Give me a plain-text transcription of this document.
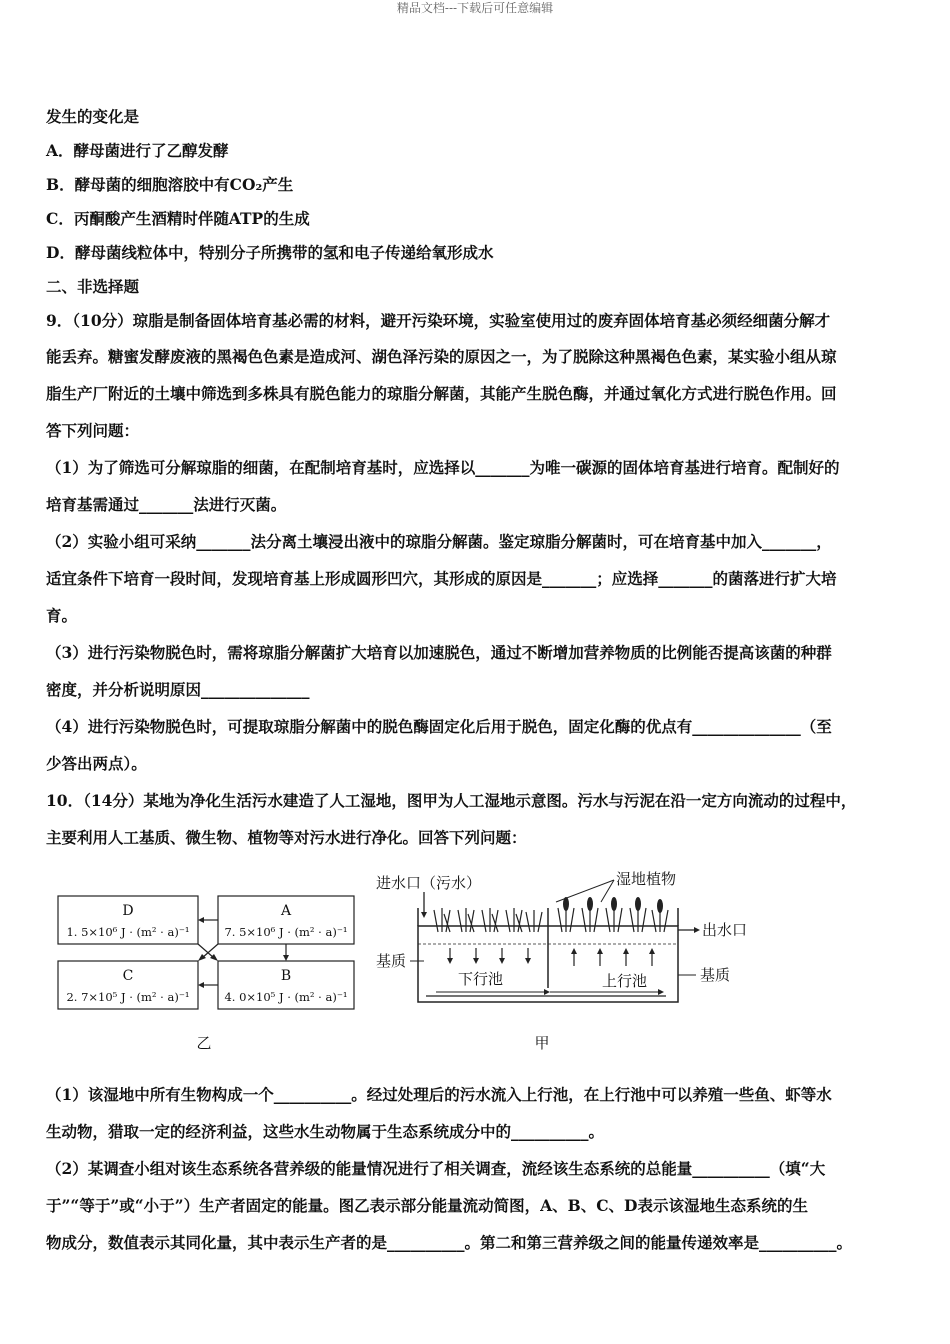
精品文档---下载后可任意编辑
发生的变化是
A．酵母菌进行了乙醇发酵
B．酵母菌的细胞溶胶中有CO₂产生
C．丙酮酸产生酒精时伴随ATP的生成
D．酵母菌线粒体中，特别分子所携带的氢和电子传递给氧形成水
二、非选择题
9．（10分）琼脂是制备固体培育基必需的材料，避开污染环境，实验室使用过的废弃固体培育基必须经细菌分解才
能丢弃。糖蜜发酵废液的黑褐色色素是造成河、湖色泽污染的原因之一，为了脱除这种黑褐色色素，某实验小组从琼
脂生产厂附近的土壤中筛选到多株具有脱色能力的琼脂分解菌，其能产生脱色酶，并通过氧化方式进行脱色作用。回
答下列问题：
（1）为了筛选可分解琼脂的细菌，在配制培育基时，应选择以_______为唯一碳源的固体培育基进行培育。配制好的
培育基需通过_______法进行灭菌。
（2）实验小组可采纳_______法分离土壤浸出液中的琼脂分解菌。鉴定琼脂分解菌时，可在培育基中加入_______，
适宜条件下培育一段时间，发现培育基上形成圆形凹穴，其形成的原因是_______；应选择_______的菌落进行扩大培
育。
（3）进行污染物脱色时，需将琼脂分解菌扩大培育以加速脱色，通过不断增加营养物质的比例能否提高该菌的种群
密度，并分析说明原因______________
（4）进行污染物脱色时，可提取琼脂分解菌中的脱色酶固定化后用于脱色，固定化酶的优点有______________（至
少答出两点）。
10．（14分）某地为净化生活污水建造了人工湿地，图甲为人工湿地示意图。污水与污泥在沿一定方向流动的过程中，
主要利用人工基质、微生物、植物等对污水进行净化。回答下列问题：
D
1. 5×10⁶ J · (m² · a)⁻¹
A
7. 5×10⁶ J · (m² · a)⁻¹
C
2. 7×10⁵ J · (m² · a)⁻¹
B
4. 0×10⁵ J · (m² · a)⁻¹
乙
进水口（污水）	湿地植物
出水口
基质
基质
下行池	上行池
甲
（1）该湿地中所有生物构成一个__________。经过处理后的污水流入上行池，在上行池中可以养殖一些鱼、虾等水
生动物，猎取一定的经济利益，这些水生动物属于生态系统成分中的__________。
（2）某调查小组对该生态系统各营养级的能量情况进行了相关调查，流经该生态系统的总能量__________（填“大
于”“等于”或“小于”）生产者固定的能量。图乙表示部分能量流动简图，A、B、C、D表示该湿地生态系统的生
物成分，数值表示其同化量，其中表示生产者的是__________。第二和第三营养级之间的能量传递效率是__________。
